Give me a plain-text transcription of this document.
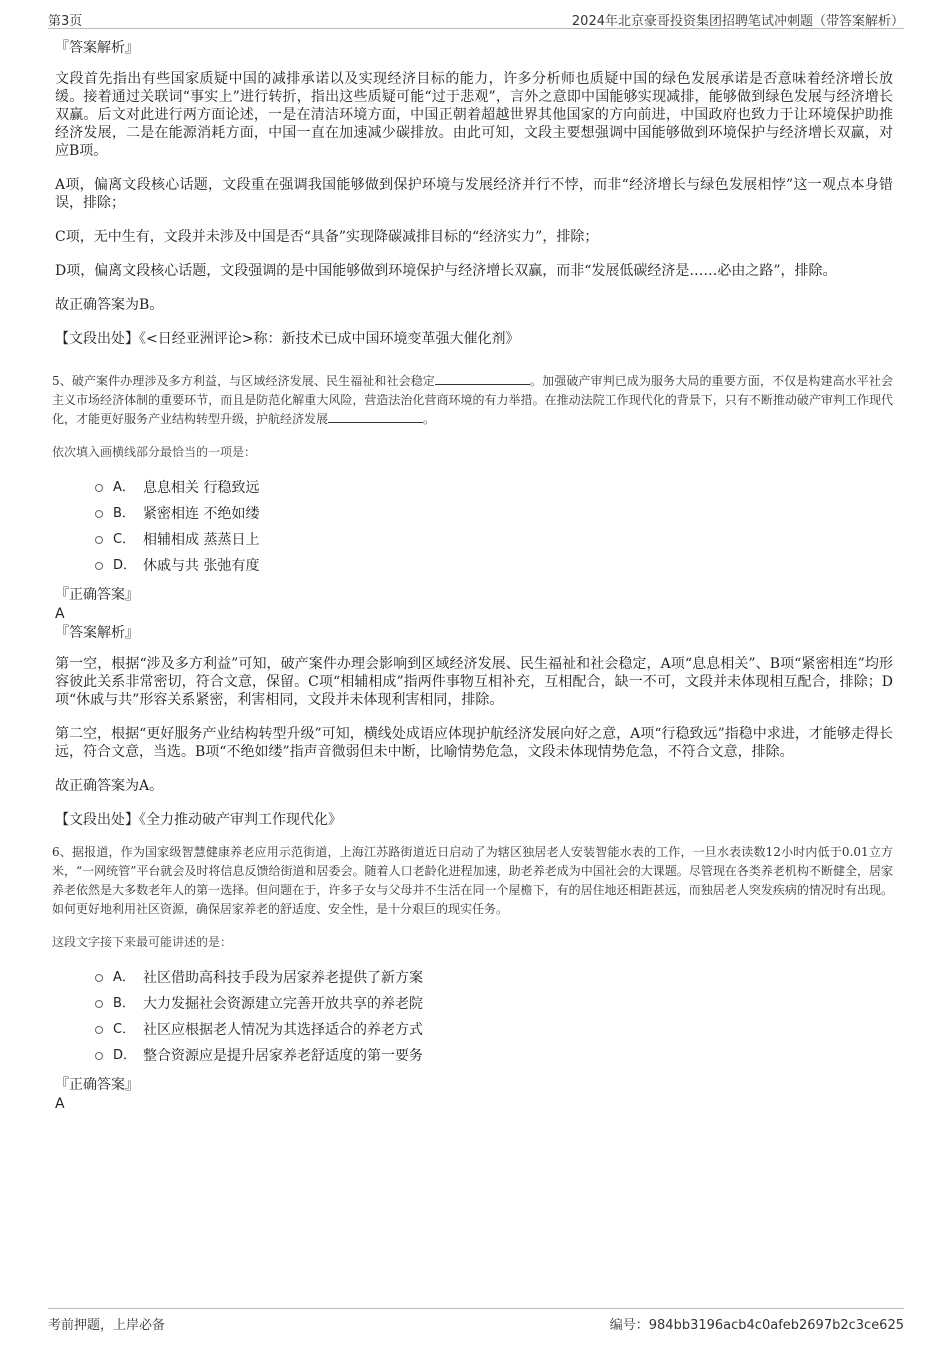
第3页	2024年北京豪哥投资集团招聘笔试冲刺题（带答案解析）

『答案解析』

文段首先指出有些国家质疑中国的减排承诺以及实现经济目标的能力，许多分析师也质疑中国的绿色发展承诺是否意味着经济增长放缓。接着通过关联词“事实上”进行转折，指出这些质疑可能“过于悲观”，言外之意即中国能够实现减排，能够做到绿色发展与经济增长双赢。后文对此进行两方面论述，一是在清洁环境方面，中国正朝着超越世界其他国家的方向前进，中国政府也致力于让环境保护助推经济发展，二是在能源消耗方面，中国一直在加速减少碳排放。由此可知，文段主要想强调中国能够做到环境保护与经济增长双赢，对应B项。

A项，偏离文段核心话题，文段重在强调我国能够做到保护环境与发展经济并行不悖，而非“经济增长与绿色发展相悖”这一观点本身错误，排除；

C项，无中生有，文段并未涉及中国是否“具备”实现降碳减排目标的“经济实力”，排除；

D项，偏离文段核心话题，文段强调的是中国能够做到环境保护与经济增长双赢，而非“发展低碳经济是……必由之路”，排除。

故正确答案为B。

【文段出处】《<日经亚洲评论>称：新技术已成中国环境变革强大催化剂》

5、破产案件办理涉及多方利益，与区域经济发展、民生福祉和社会稳定	。加强破产审判已成为服务大局的重要方面，不仅是构建高水平社会主义市场经济体制的重要环节，而且是防范化解重大风险，营造法治化营商环境的有力举措。在推动法院工作现代化的背景下，只有不断推动破产审判工作现代化，才能更好服务产业结构转型升级，护航经济发展	。

依次填入画横线部分最恰当的一项是：

A． 息息相关 行稳致远
B． 紧密相连 不绝如缕
C． 相辅相成 蒸蒸日上
D． 休戚与共 张弛有度

『正确答案』

A

『答案解析』

第一空，根据“涉及多方利益”可知，破产案件办理会影响到区域经济发展、民生福祉和社会稳定，A项“息息相关”、B项“紧密相连”均形容彼此关系非常密切，符合文意，保留。C项“相辅相成”指两件事物互相补充，互相配合，缺一不可，文段并未体现相互配合，排除；D项“休戚与共”形容关系紧密，利害相同，文段并未体现利害相同，排除。

第二空，根据“更好服务产业结构转型升级”可知，横线处成语应体现护航经济发展向好之意，A项“行稳致远”指稳中求进，才能够走得长远，符合文意，当选。B项“不绝如缕”指声音微弱但未中断，比喻情势危急，文段未体现情势危急，不符合文意，排除。

故正确答案为A。

【文段出处】《全力推动破产审判工作现代化》

6、据报道，作为国家级智慧健康养老应用示范街道，上海江苏路街道近日启动了为辖区独居老人安装智能水表的工作，一旦水表读数12小时内低于0.01立方米，“一网统管”平台就会及时将信息反馈给街道和居委会。随着人口老龄化进程加速，助老养老成为中国社会的大课题。尽管现在各类养老机构不断健全，居家养老依然是大多数老年人的第一选择。但问题在于，许多子女与父母并不生活在同一个屋檐下，有的居住地还相距甚远，而独居老人突发疾病的情况时有出现。如何更好地利用社区资源，确保居家养老的舒适度、安全性，是十分艰巨的现实任务。

这段文字接下来最可能讲述的是：

A． 社区借助高科技手段为居家养老提供了新方案
B． 大力发掘社会资源建立完善开放共享的养老院
C． 社区应根据老人情况为其选择适合的养老方式
D． 整合资源应是提升居家养老舒适度的第一要务

『正确答案』

A

考前押题，上岸必备	编号：984bb3196acb4c0afeb2697b2c3ce625
